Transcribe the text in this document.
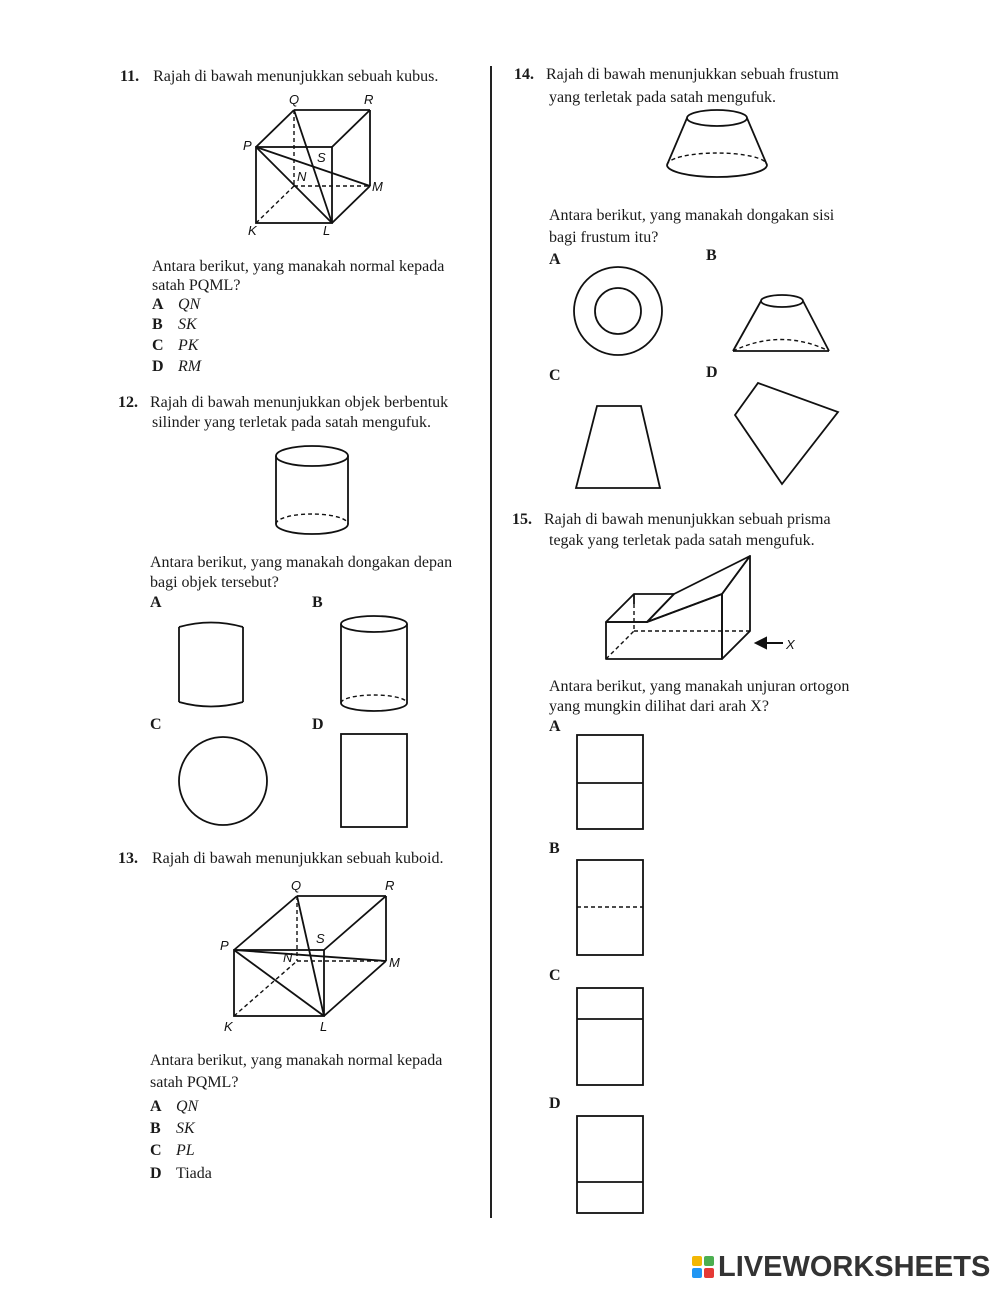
11. Rajah di bawah menunjukkan sebuah kubus.
Q	R
P
S
N
M
K	L
Antara berikut, yang manakah normal kepada
satah PQML?
A QN
B SK
C PK
D RM
12. Rajah di bawah menunjukkan objek berbentuk
silinder yang terletak pada satah mengufuk.
Antara berikut, yang manakah dongakan depan
bagi objek tersebut?
A	B
C	D
13. Rajah di bawah menunjukkan sebuah kuboid.
Q	R
P	S
N	M
K	L
Antara berikut, yang manakah normal kepada
satah PQML?
A QN
B SK
C PL
D Tiada
14. Rajah di bawah menunjukkan sebuah frustum
yang terletak pada satah mengufuk.
Antara berikut, yang manakah dongakan sisi
bagi frustum itu?
A	B
C	D
15. Rajah di bawah menunjukkan sebuah prisma
tegak yang terletak pada satah mengufuk.
X
Antara berikut, yang manakah unjuran ortogon
yang mungkin dilihat dari arah X?
A
B
C
D
LIVEWORKSHEETS
